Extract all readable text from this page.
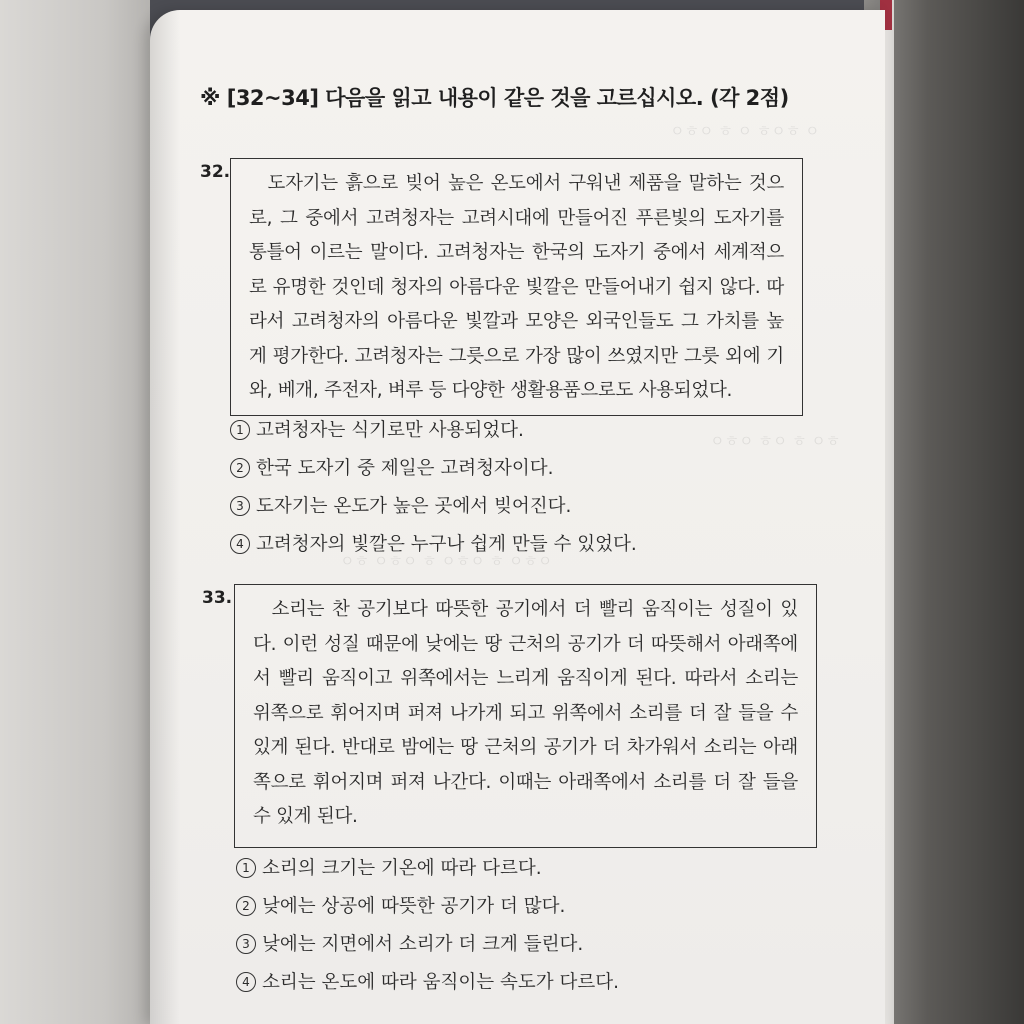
ㅇㅎㅇ ㅎ ㅇ ㅎㅇㅎ ㅇ
ㅇㅎㅇ ㅎㅇ ㅎ ㅇㅎ
ㅇㅎ ㅇㅎㅇ ㅎ ㅇㅎㅇ ㅎ ㅇㅎㅇ
※ [32~34] 다음을 읽고 내용이 같은 것을 고르십시오. (각 2점)
32.

도자기는 흙으로 빚어 높은 온도에서 구워낸 제품을 말하는 것으로, 그 중에서 고려청자는 고려시대에 만들어진 푸른빛의 도자기를 통틀어 이르는 말이다. 고려청자는 한국의 도자기 중에서 세계적으로 유명한 것인데 청자의 아름다운 빛깔은 만들어내기 쉽지 않다. 따라서 고려청자의 아름다운 빛깔과 모양은 외국인들도 그 가치를 높게 평가한다. 고려청자는 그릇으로 가장 많이 쓰였지만 그릇 외에 기와, 베개, 주전자, 벼루 등 다양한 생활용품으로도 사용되었다.

1 고려청자는 식기로만 사용되었다.
2 한국 도자기 중 제일은 고려청자이다.
3 도자기는 온도가 높은 곳에서 빚어진다.
4 고려청자의 빛깔은 누구나 쉽게 만들 수 있었다.
33.

소리는 찬 공기보다 따뜻한 공기에서 더 빨리 움직이는 성질이 있다. 이런 성질 때문에 낮에는 땅 근처의 공기가 더 따뜻해서 아래쪽에서 빨리 움직이고 위쪽에서는 느리게 움직이게 된다. 따라서 소리는 위쪽으로 휘어지며 퍼져 나가게 되고 위쪽에서 소리를 더 잘 들을 수 있게 된다. 반대로 밤에는 땅 근처의 공기가 더 차가워서 소리는 아래쪽으로 휘어지며 퍼져 나간다. 이때는 아래쪽에서 소리를 더 잘 들을 수 있게 된다.

1 소리의 크기는 기온에 따라 다르다.
2 낮에는 상공에 따뜻한 공기가 더 많다.
3 낮에는 지면에서 소리가 더 크게 들린다.
4 소리는 온도에 따라 움직이는 속도가 다르다.
